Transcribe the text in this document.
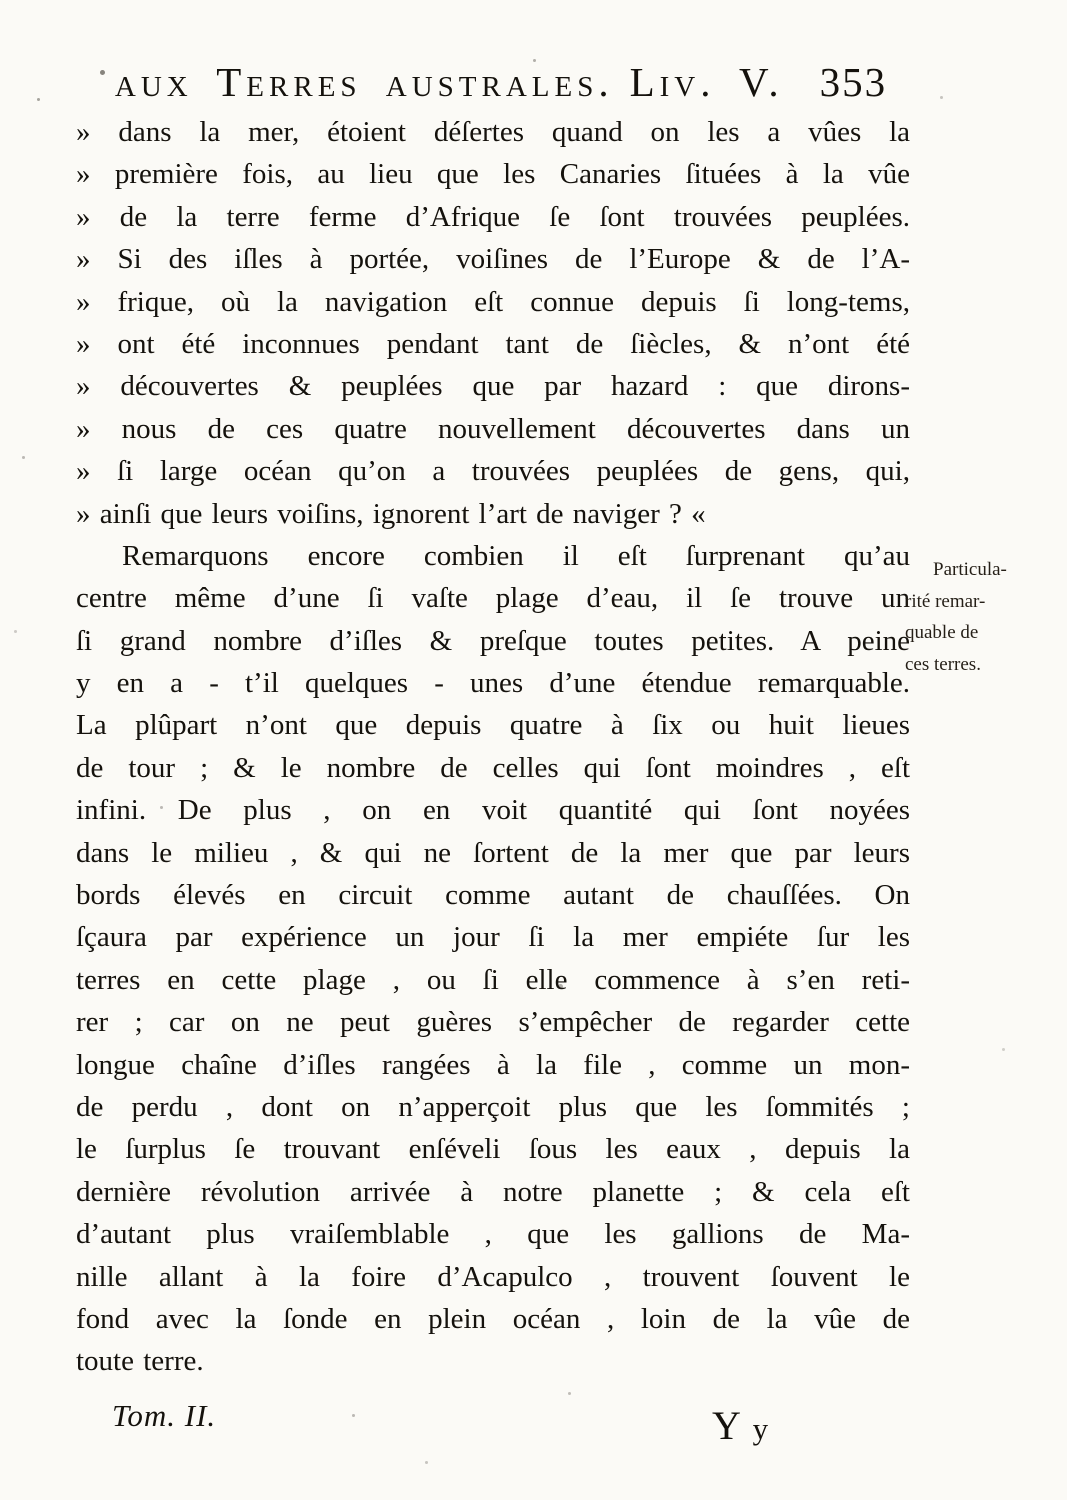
aux Terres australes. Liv. V. 353
» dans la mer, étoient déſertes quand on les a vûes la
» première fois, au lieu que les Canaries ſituées à la vûe
» de la terre ferme d’Afrique ſe ſont trouvées peuplées.
» Si des iſles à portée, voiſines de l’Europe & de l’A-
» frique, où la navigation eſt connue depuis ſi long-tems,
» ont été inconnues pendant tant de ſiècles, & n’ont été
» découvertes & peuplées que par hazard : que dirons-
» nous de ces quatre nouvellement découvertes dans un
» ſi large océan qu’on a trouvées peuplées de gens, qui,
» ainſi que leurs voiſins, ignorent l’art de naviger ? «
Remarquons encore combien il eſt ſurprenant qu’au
centre même d’une ſi vaſte plage d’eau, il ſe trouve un
ſi grand nombre d’iſles & preſque toutes petites. A peine
y en a - t’il quelques - unes d’une étendue remarquable.
La plûpart n’ont que depuis quatre à ſix ou huit lieues
de tour ; & le nombre de celles qui ſont moindres , eſt
infini. De plus , on en voit quantité qui ſont noyées
dans le milieu , & qui ne ſortent de la mer que par leurs
bords élevés en circuit comme autant de chauſſées. On
ſçaura par expérience un jour ſi la mer empiéte ſur les
terres en cette plage , ou ſi elle commence à s’en reti-
rer ; car on ne peut guères s’empêcher de regarder cette
longue chaîne d’iſles rangées à la file , comme un mon-
de perdu , dont on n’apperçoit plus que les ſommités ;
le ſurplus ſe trouvant enſéveli ſous les eaux , depuis la
dernière révolution arrivée à notre planette ; & cela eſt
d’autant plus vraiſemblable , que les gallions de Ma-
nille allant à la foire d’Acapulco , trouvent ſouvent le
fond avec la ſonde en plein océan , loin de la vûe de
toute terre.
Particula-
rité remar-
quable de
ces terres.
Tom. II.	Y y
